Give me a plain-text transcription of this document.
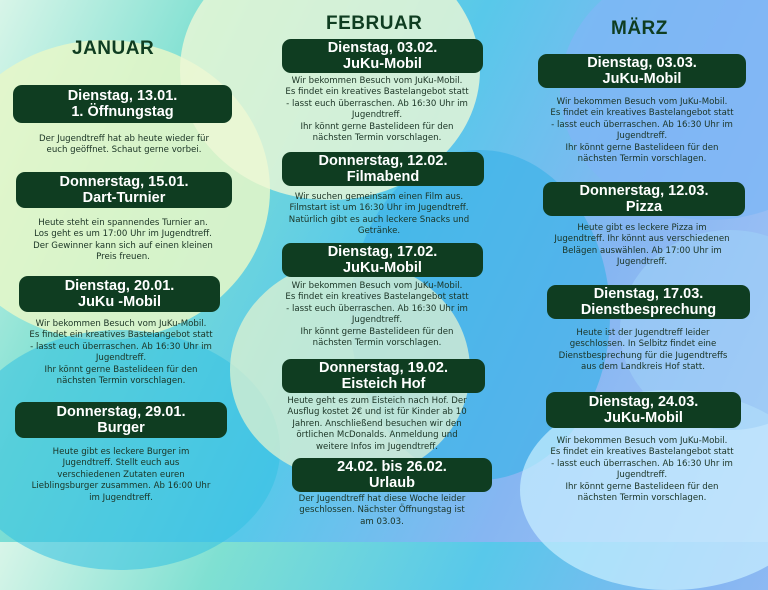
JANUAR
Dienstag, 13.01.
1. Öffnungstag
Der Jugendtreff hat ab heute wieder für
euch geöffnet. Schaut gerne vorbei.
Donnerstag, 15.01.
Dart-Turnier
Heute steht ein spannendes Turnier an.
Los geht es um 17:00 Uhr im Jugendtreff.
Der Gewinner kann sich auf einen kleinen
Preis freuen.
Dienstag, 20.01.
JuKu -Mobil
Wir bekommen Besuch vom JuKu-Mobil.
Es findet ein kreatives Bastelangebot statt
- lasst euch überraschen. Ab 16:30 Uhr im
Jugendtreff.
Ihr könnt gerne Bastelideen für den
nächsten Termin vorschlagen.
Donnerstag, 29.01.
Burger
Heute gibt es leckere Burger im
Jugendtreff. Stellt euch aus
verschiedenen Zutaten euren
Lieblingsburger zusammen. Ab 16:00 Uhr
im Jugendtreff.
FEBRUAR
Dienstag, 03.02.
JuKu-Mobil
Wir bekommen Besuch vom JuKu-Mobil.
Es findet ein kreatives Bastelangebot statt
- lasst euch überraschen. Ab 16:30 Uhr im
Jugendtreff.
Ihr könnt gerne Bastelideen für den
nächsten Termin vorschlagen.
Donnerstag, 12.02.
Filmabend
Wir suchen gemeinsam einen Film aus.
Filmstart ist um 16:30 Uhr im Jugendtreff.
Natürlich gibt es auch leckere Snacks und
Getränke.
Dienstag, 17.02.
JuKu-Mobil
Wir bekommen Besuch vom JuKu-Mobil.
Es findet ein kreatives Bastelangebot statt
- lasst euch überraschen. Ab 16:30 Uhr im
Jugendtreff.
Ihr könnt gerne Bastelideen für den
nächsten Termin vorschlagen.
Donnerstag, 19.02.
Eisteich Hof
Heute geht es zum Eisteich nach Hof. Der
Ausflug kostet 2€ und ist für Kinder ab 10
Jahren. Anschließend besuchen wir den
örtlichen McDonalds. Anmeldung und
weitere Infos im Jugendtreff.
24.02. bis 26.02.
Urlaub
Der Jugendtreff hat diese Woche leider
geschlossen. Nächster Öffnungstag ist
am 03.03.
MÄRZ
Dienstag, 03.03.
JuKu-Mobil
Wir bekommen Besuch vom JuKu-Mobil.
Es findet ein kreatives Bastelangebot statt
- lasst euch überraschen. Ab 16:30 Uhr im
Jugendtreff.
Ihr könnt gerne Bastelideen für den
nächsten Termin vorschlagen.
Donnerstag, 12.03.
Pizza
Heute gibt es leckere Pizza im
Jugendtreff. Ihr könnt aus verschiedenen
Belägen auswählen. Ab 17:00 Uhr im
Jugendtreff.
Dienstag, 17.03.
Dienstbesprechung
Heute ist der Jugendtreff leider
geschlossen. In Selbitz findet eine
Dienstbesprechung für die Jugendtreffs
aus dem Landkreis Hof statt.
Dienstag, 24.03.
JuKu-Mobil
Wir bekommen Besuch vom JuKu-Mobil.
Es findet ein kreatives Bastelangebot statt
- lasst euch überraschen. Ab 16:30 Uhr im
Jugendtreff.
Ihr könnt gerne Bastelideen für den
nächsten Termin vorschlagen.
